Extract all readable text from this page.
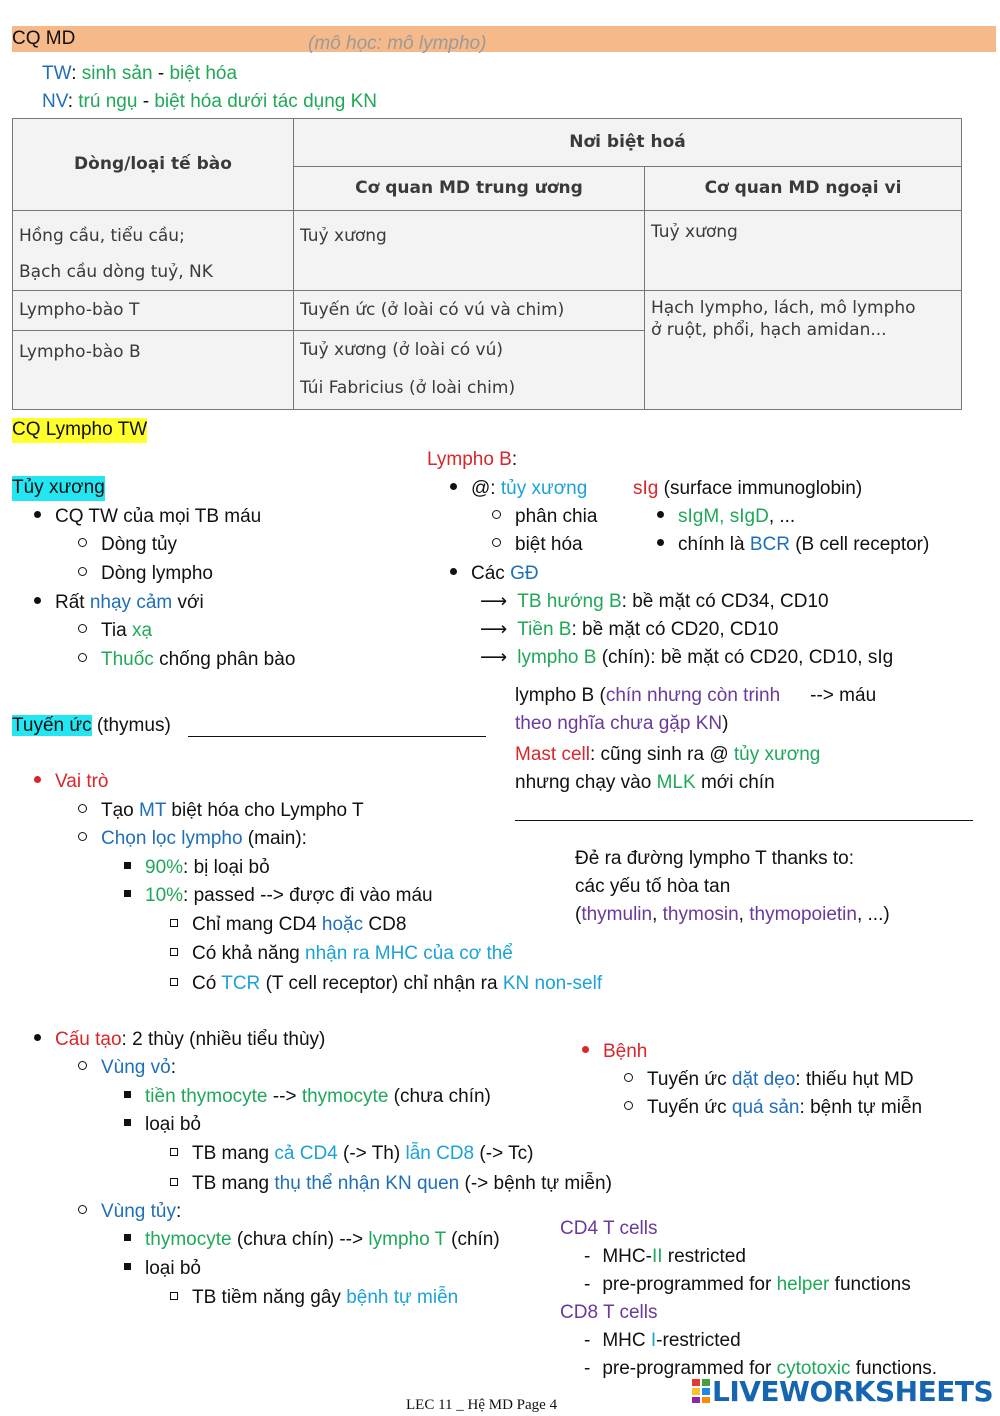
CQ MD	(mô học: mô lympho)
TW: sinh sản - biệt hóa
NV: trú ngụ - biệt hóa dưới tác dụng KN
Dòng/loại tế bào	Nơi biệt hoá	
	Cơ quan MD trung ương	Cơ quan MD ngoại vi

Hồng cầu, tiểu cầu;
Bạch cầu dòng tuỷ, NK	Tuỷ xương	Tuỷ xương

Lympho-bào T	Tuyến ức (ở loài có vú và chim)	Hạch lympho, lách, mô lympho
ở ruột, phổi, hạch amidan...

Lympho-bào B	Tuỷ xương (ở loài có vú)
Túi Fabricius (ở loài chim)	
CQ Lympho TW
Tủy xương
CQ TW của mọi TB máu
Dòng tủy
Dòng lympho
Rất nhạy cảm với
Tia xạ
Thuốc chống phân bào
Lympho B:
@: tủy xương
phân chia
biệt hóa
sIg (surface immunoglobin)
sIgM, sIgD, ...
chính là BCR (B cell receptor)
Các GĐ
⟶ TB hướng B: bề mặt có CD34, CD10
⟶ Tiền B: bề mặt có CD20, CD10
⟶ lympho B (chín): bề mặt có CD20, CD10, sIg
lympho B (chín nhưng còn trinh --> máu
theo nghĩa chưa gặp KN)
Mast cell: cũng sinh ra @ tủy xương
nhưng chạy vào MLK mới chín
Tuyến ức (thymus)
Vai trò
Tạo MT biệt hóa cho Lympho T
Chọn lọc lympho (main):
90%: bị loại bỏ
10%: passed --> được đi vào máu
Chỉ mang CD4 hoặc CD8
Có khả năng nhận ra MHC của cơ thể
Có TCR (T cell receptor) chỉ nhận ra KN non-self
Đẻ ra đường lympho T thanks to:
các yếu tố hòa tan
(thymulin, thymosin, thymopoietin, ...)
Cấu tạo: 2 thùy (nhiều tiểu thùy)
Vùng vỏ:
tiền thymocyte --> thymocyte (chưa chín)
loại bỏ
TB mang cả CD4 (-> Th) lẫn CD8 (-> Tc)
TB mang thụ thể nhận KN quen (-> bệnh tự miễn)
Vùng tủy:
thymocyte (chưa chín) --> lympho T (chín)
loại bỏ
TB tiềm năng gây bệnh tự miễn
Bệnh
Tuyến ức dặt dẹo: thiếu hụt MD
Tuyến ức quá sản: bệnh tự miễn
CD4 T cells
- MHC-II restricted
- pre-programmed for helper functions
CD8 T cells
- MHC I-restricted
- pre-programmed for cytotoxic functions.
LEC 11 _ Hệ MD Page 4	LIVEWORKSHEETS
